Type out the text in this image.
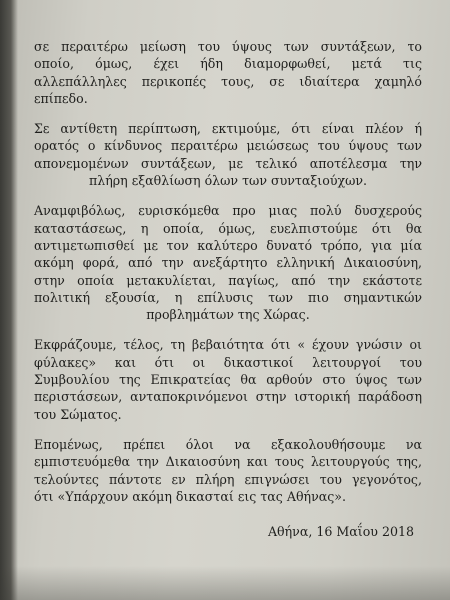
σε περαιτέρω μείωση του ύψους των συντάξεων, το
οποίο, όμως, έχει ήδη διαμορφωθεί, μετά τις
αλλεπάλληλες περικοπές τους, σε ιδιαίτερα χαμηλό
επίπεδο.

Σε αντίθετη περίπτωση, εκτιμούμε, ότι είναι πλέον ή
ορατός ο κίνδυνος περαιτέρω μειώσεως του ύψους των
απονεμομένων συντάξεων, με τελικό αποτέλεσμα την
πλήρη εξαθλίωση όλων των συνταξιούχων.

Αναμφιβόλως, ευρισκόμεθα προ μιας πολύ δυσχερούς
καταστάσεως, η οποία, όμως, ευελπιστούμε ότι θα
αντιμετωπισθεί με τον καλύτερο δυνατό τρόπο, για μία
ακόμη φορά, από την ανεξάρτητο ελληνική Δικαιοσύνη,
στην οποία μετακυλίεται, παγίως, από την εκάστοτε
πολιτική εξουσία, η επίλυσις των πιο σημαντικών
προβλημάτων της Χώρας.

Εκφράζουμε, τέλος, τη βεβαιότητα ότι « έχουν γνώσιν οι
φύλακες» και ότι οι δικαστικοί λειτουργοί του
Συμβουλίου της Επικρατείας θα αρθούν στο ύψος των
περιστάσεων, ανταποκρινόμενοι στην ιστορική παράδοση
του Σώματος.

Επομένως, πρέπει όλοι να εξακολουθήσουμε να
εμπιστευόμεθα την Δικαιοσύνη και τους λειτουργούς της,
τελούντες πάντοτε εν πλήρη επιγνώσει του γεγονότος,
ότι «Υπάρχουν ακόμη δικασταί εις τας Αθήνας».

Αθήνα, 16 Μαΐου 2018
